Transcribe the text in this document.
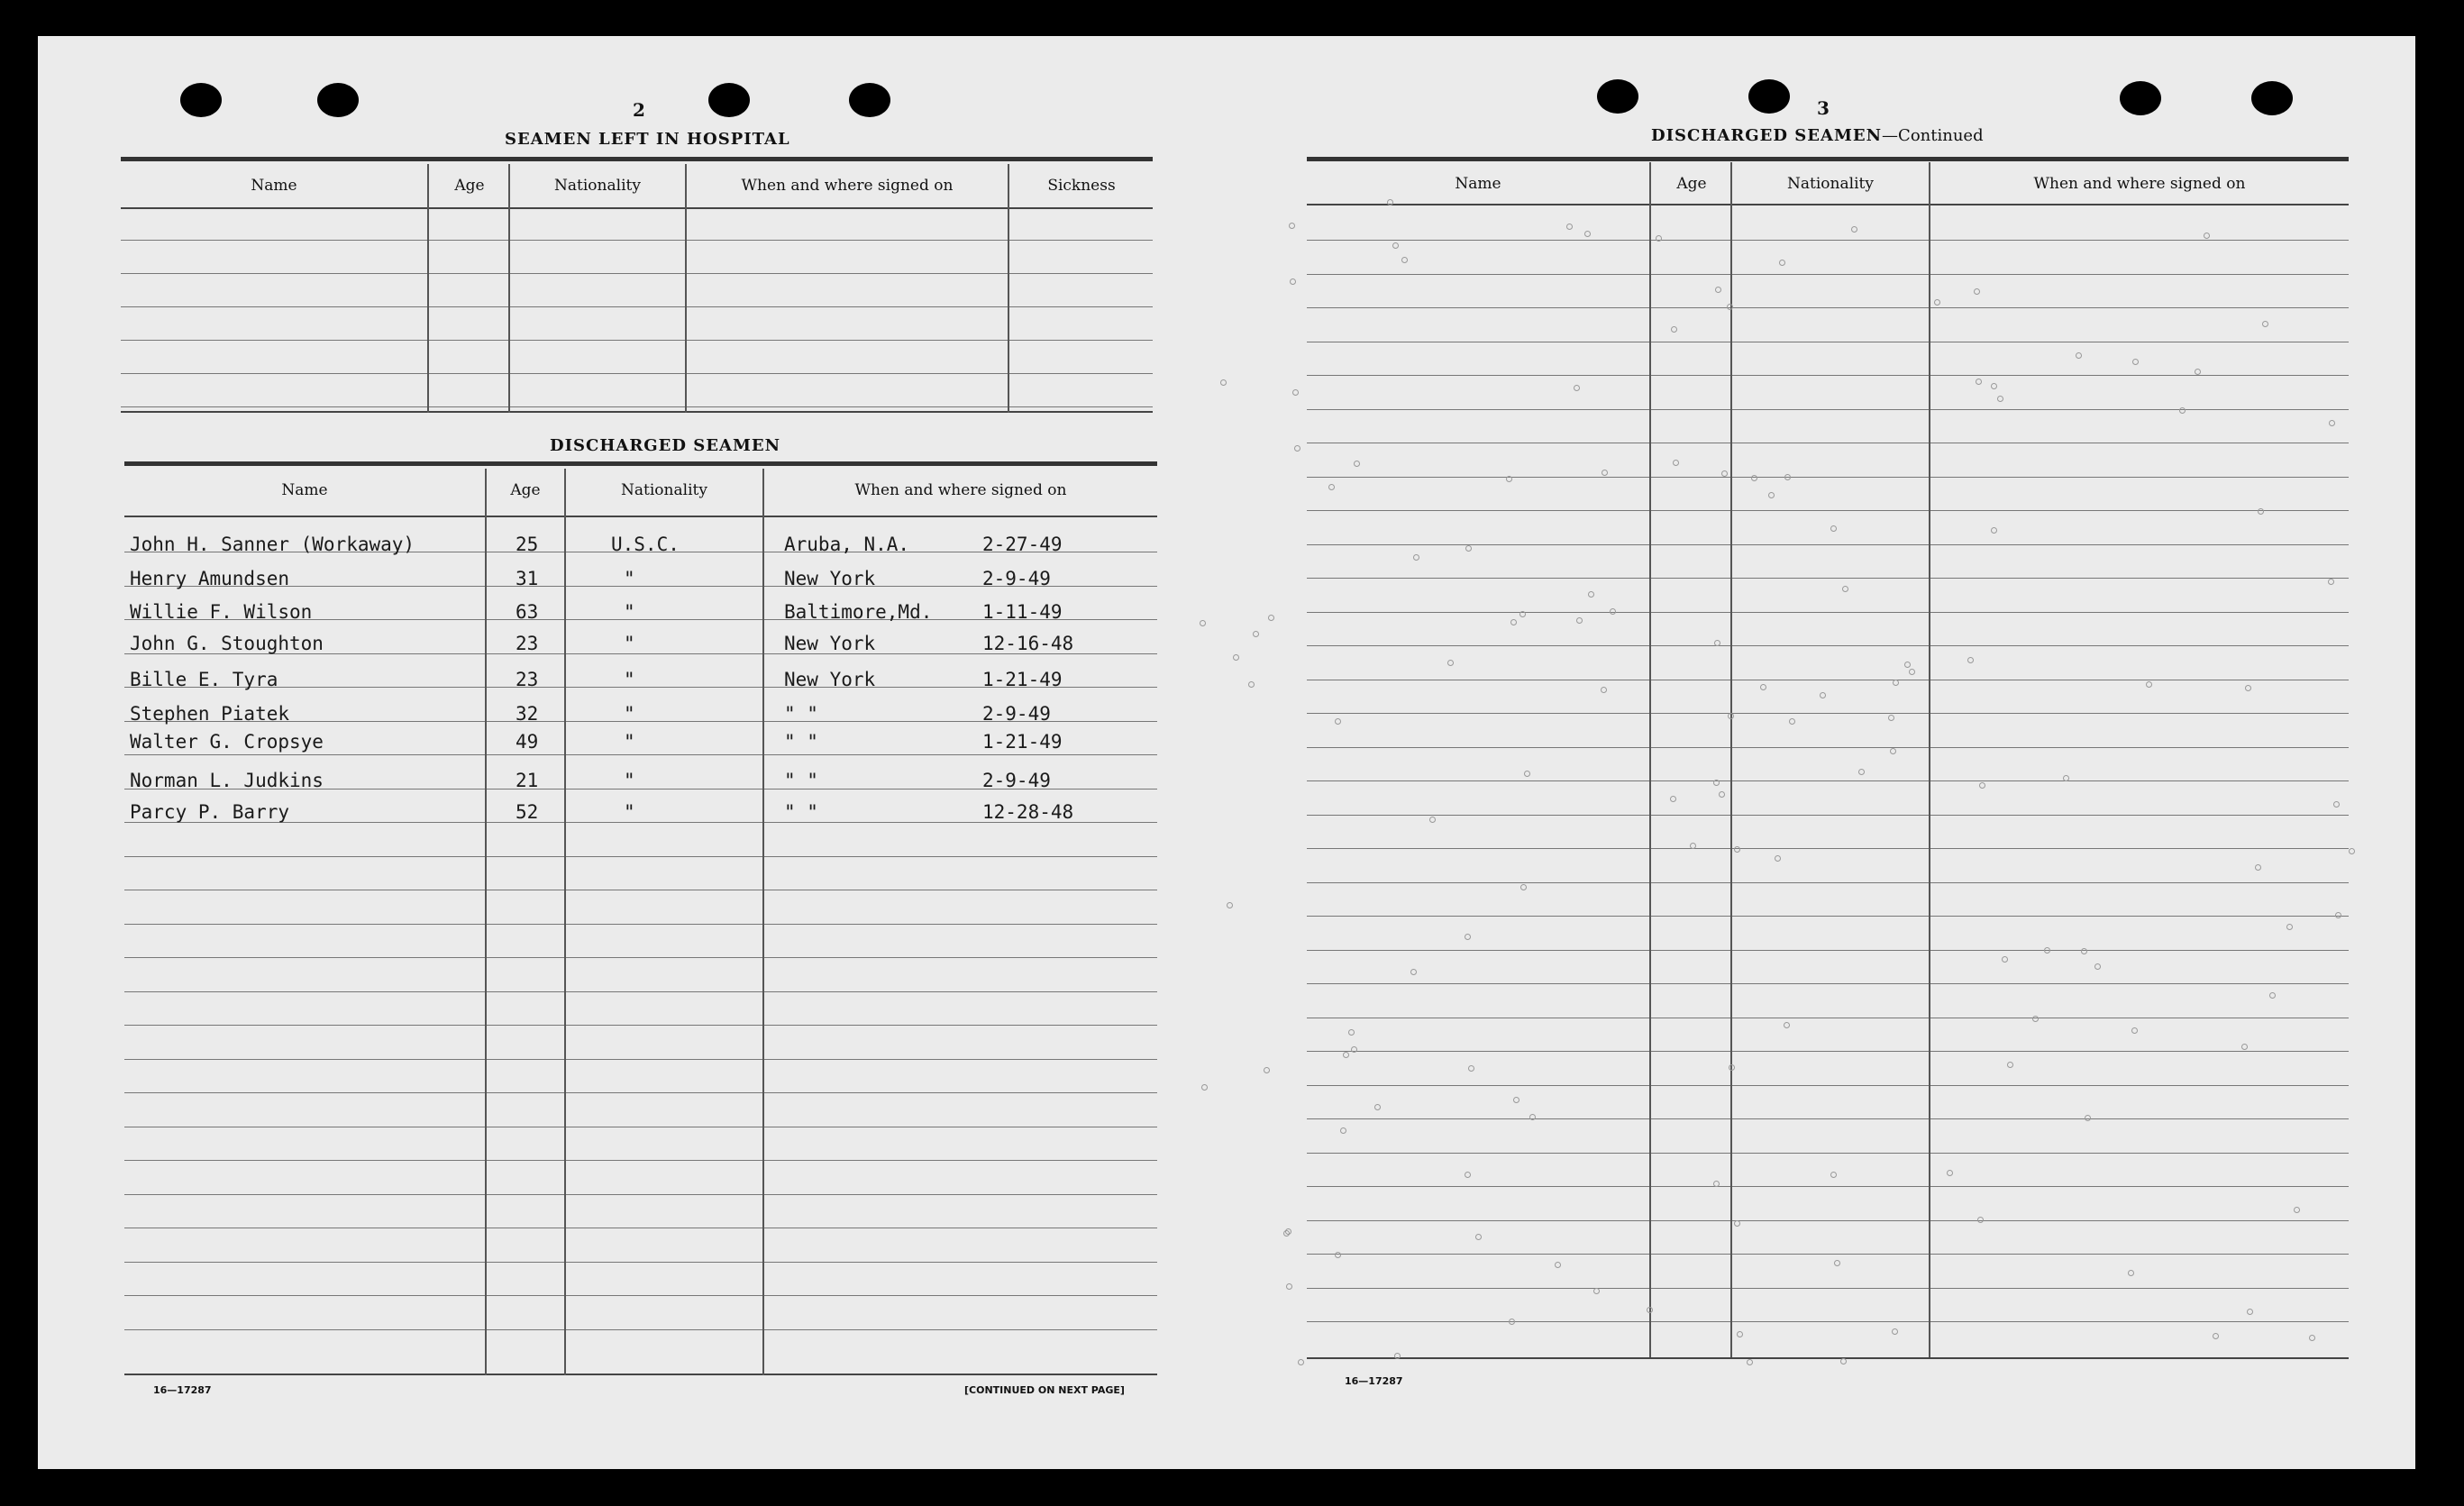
2
SEAMEN LEFT IN HOSPITAL
Name	Age	Nationality	When and where signed on	Sickness
DISCHARGED SEAMEN
Name	Age	Nationality	When and where signed on
John H. Sanner (Workaway)	25	U.S.C.	Aruba, N.A.	2-27-49
Henry Amundsen	31	"	New York	2-9-49
Willie F. Wilson	63	"	Baltimore,Md.	1-11-49
John G. Stoughton	23	"	New York	12-16-48
Bille E. Tyra	23	"	New York	1-21-49
Stephen Piatek	32	"	" "	2-9-49
Walter G. Cropsye	49	"	" "	1-21-49
Norman L. Judkins	21	"	" "	2-9-49
Parcy P. Barry	52	"	" "	12-28-48
16—17287	[CONTINUED ON NEXT PAGE]
3
DISCHARGED SEAMEN—Continued
Name	Age	Nationality	When and where signed on
16—17287
